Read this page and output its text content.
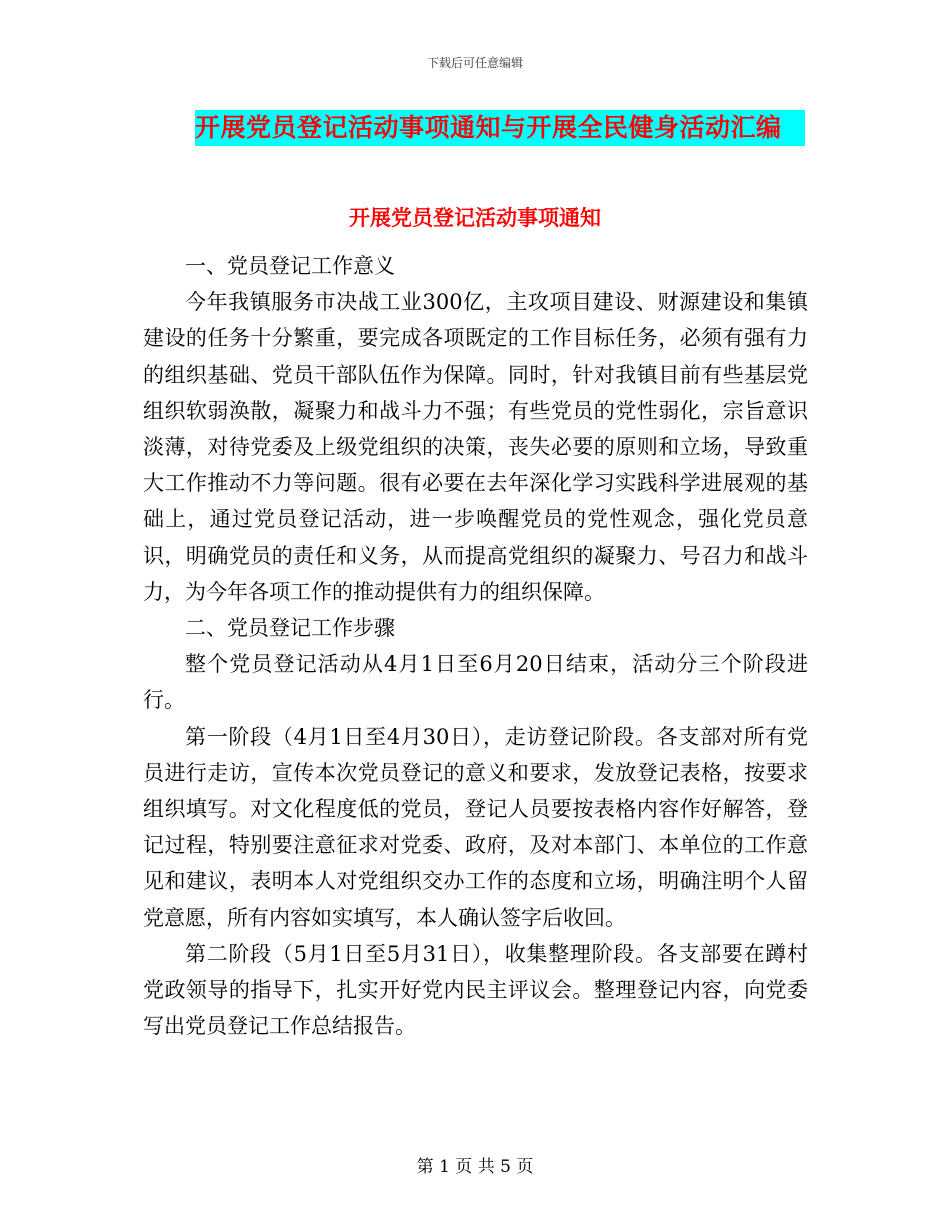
下载后可任意编辑
开展党员登记活动事项通知与开展全民健身活动汇编
开展党员登记活动事项通知

一、党员登记工作意义

今年我镇服务市决战工业300亿，主攻项目建设、财源建设和集镇建设的任务十分繁重，要完成各项既定的工作目标任务，必须有强有力的组织基础、党员干部队伍作为保障。同时，针对我镇目前有些基层党组织软弱涣散，凝聚力和战斗力不强；有些党员的党性弱化，宗旨意识淡薄，对待党委及上级党组织的决策，丧失必要的原则和立场，导致重大工作推动不力等问题。很有必要在去年深化学习实践科学进展观的基础上，通过党员登记活动，进一步唤醒党员的党性观念，强化党员意识，明确党员的责任和义务，从而提高党组织的凝聚力、号召力和战斗力，为今年各项工作的推动提供有力的组织保障。

二、党员登记工作步骤

整个党员登记活动从4月1日至6月20日结束，活动分三个阶段进行。

第一阶段（4月1日至4月30日），走访登记阶段。各支部对所有党员进行走访，宣传本次党员登记的意义和要求，发放登记表格，按要求组织填写。对文化程度低的党员，登记人员要按表格内容作好解答，登记过程，特别要注意征求对党委、政府，及对本部门、本单位的工作意见和建议，表明本人对党组织交办工作的态度和立场，明确注明个人留党意愿，所有内容如实填写，本人确认签字后收回。

第二阶段（5月1日至5月31日），收集整理阶段。各支部要在蹲村党政领导的指导下，扎实开好党内民主评议会。整理登记内容，向党委写出党员登记工作总结报告。

第 1 页 共 5 页
